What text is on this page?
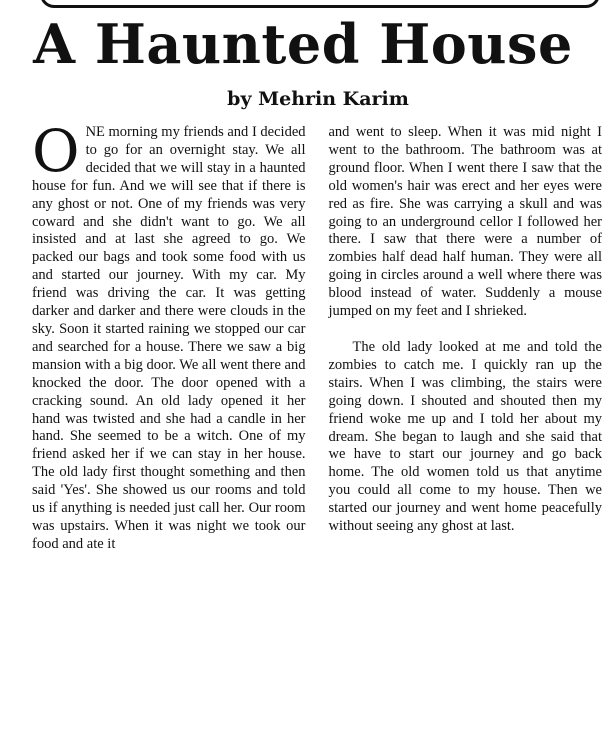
A Haunted House
by Mehrin Karim

ONE morning my friends and I decided to go for an overnight stay. We all decided that we will stay in a haunted house for fun. And we will see that if there is any ghost or not. One of my friends was very coward and she didn't want to go. We all insisted and at last she agreed to go. We packed our bags and took some food with us and started our journey. With my car. My friend was driving the car. It was getting darker and darker and there were clouds in the sky. Soon it started raining we stopped our car and searched for a house. There we saw a big mansion with a big door. We all went there and knocked the door. The door opened with a cracking sound. An old lady opened it her hand was twisted and she had a candle in her hand. She seemed to be a witch. One of my friend asked her if we can stay in her house. The old lady first thought something and then said 'Yes'. She showed us our rooms and told us if anything is needed just call her. Our room was upstairs. When it was night we took our food and ate it

and went to sleep. When it was mid night I went to the bathroom. The bathroom was at ground floor. When I went there I saw that the old women's hair was erect and her eyes were red as fire. She was carrying a skull and was going to an underground cellor I followed her there. I saw that there were a number of zombies half dead half human. They were all going in circles around a well where there was blood instead of water. Suddenly a mouse jumped on my feet and I shrieked.

The old lady looked at me and told the zombies to catch me. I quickly ran up the stairs. When I was climbing, the stairs were going down. I shouted and shouted then my friend woke me up and I told her about my dream. She began to laugh and she said that we have to start our journey and go back home. The old women told us that anytime you could all come to my house. Then we started our journey and went home peacefully without seeing any ghost at last.
